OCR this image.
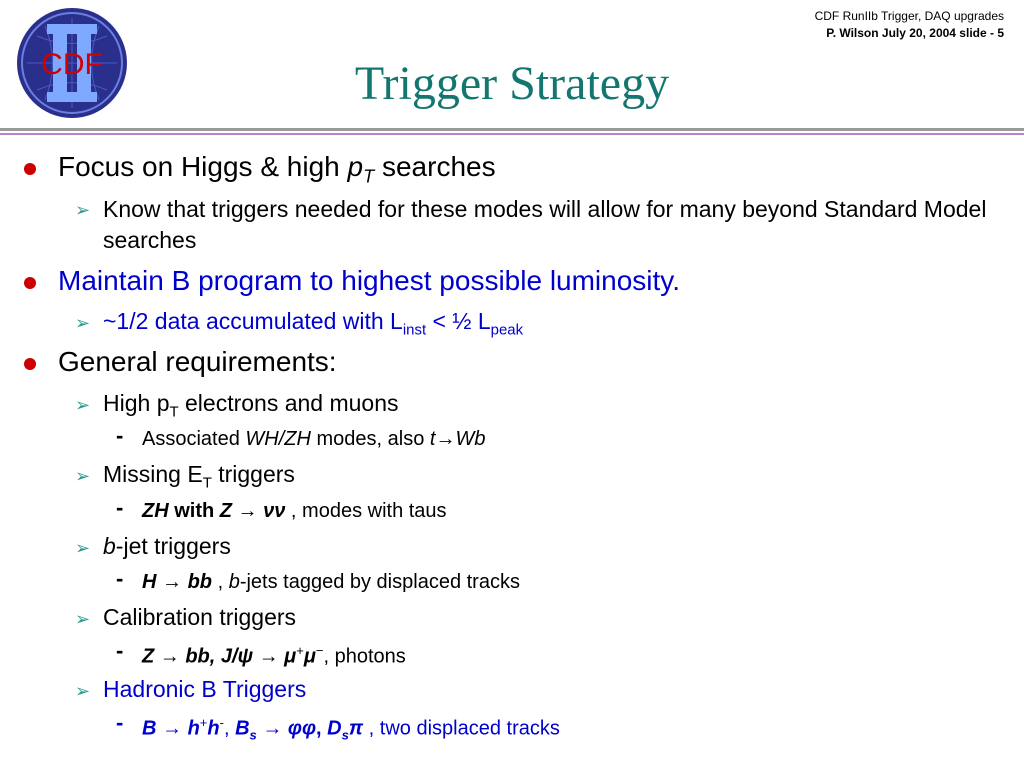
CDF
CDF RunIIb Trigger, DAQ upgrades
P. Wilson July 20, 2004 slide - 5
Trigger Strategy
Focus on Higgs & high $p_T$ searches
➢ Know that triggers needed for these modes will allow for many beyond Standard Model searches
Maintain B program to highest possible luminosity.
➢ ~1/2 data accumulated with $L_{inst}$ < ½ $L_{peak}$
General requirements:
➢ High $p_T$ electrons and muons
- Associated WH/ZH modes, also t→Wb
➢ Missing $E_T$ triggers
- ZH with Z → νν , modes with taus
➢ b-jet triggers
- H → bb , b-jets tagged by displaced tracks
➢ Calibration triggers
- Z → bb, J/ψ → μ+μ−, photons
➢ Hadronic B Triggers
- B → h+h-, $B_s \to \varphi\varphi$, $D_s\pi$ , two displaced tracks
